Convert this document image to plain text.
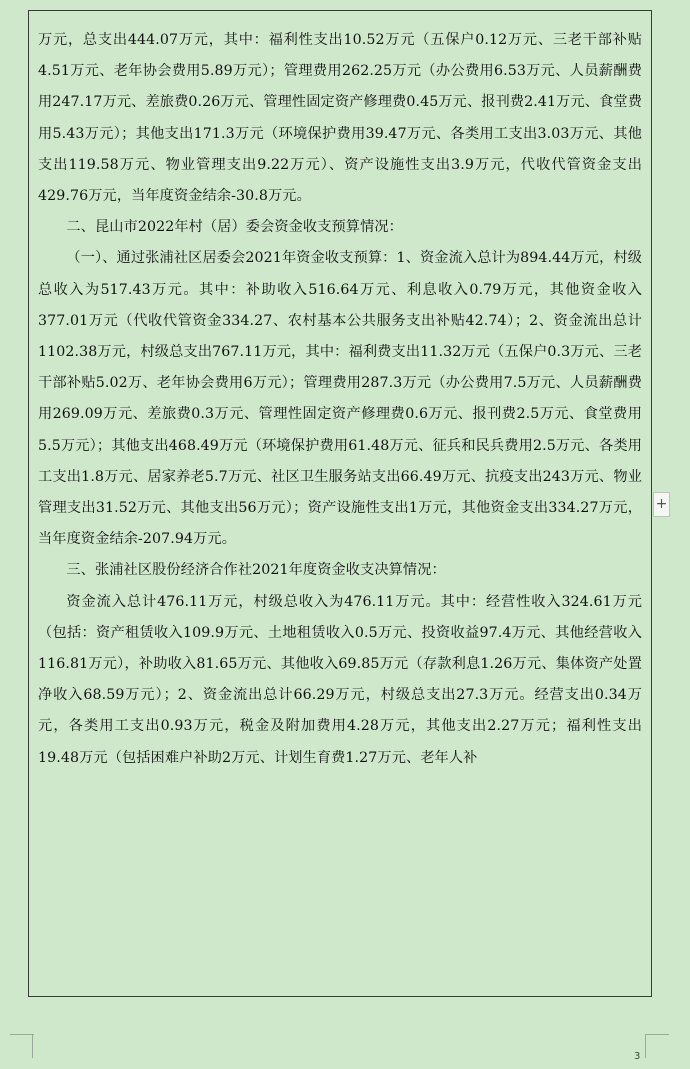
万元，总支出444.07万元，其中：福利性支出10.52万元（五保户0.12万元、三老干部补贴4.51万元、老年协会费用5.89万元）；管理费用262.25万元（办公费用6.53万元、人员薪酬费用247.17万元、差旅费0.26万元、管理性固定资产修理费0.45万元、报刊费2.41万元、食堂费用5.43万元）；其他支出171.3万元（环境保护费用39.47万元、各类用工支出3.03万元、其他支出119.58万元、物业管理支出9.22万元）、资产设施性支出3.9万元，代收代管资金支出429.76万元，当年度资金结余-30.8万元。

二、昆山市2022年村（居）委会资金收支预算情况：

（一）、通过张浦社区居委会2021年资金收支预算：1、资金流入总计为894.44万元，村级总收入为517.43万元。其中：补助收入516.64万元、利息收入0.79万元，其他资金收入377.01万元（代收代管资金334.27、农村基本公共服务支出补贴42.74）；2、资金流出总计1102.38万元，村级总支出767.11万元，其中：福利费支出11.32万元（五保户0.3万元、三老干部补贴5.02万、老年协会费用6万元）；管理费用287.3万元（办公费用7.5万元、人员薪酬费用269.09万元、差旅费0.3万元、管理性固定资产修理费0.6万元、报刊费2.5万元、食堂费用5.5万元）；其他支出468.49万元（环境保护费用61.48万元、征兵和民兵费用2.5万元、各类用工支出1.8万元、居家养老5.7万元、社区卫生服务站支出66.49万元、抗疫支出243万元、物业管理支出31.52万元、其他支出56万元）；资产设施性支出1万元，其他资金支出334.27万元，当年度资金结余-207.94万元。

三、张浦社区股份经济合作社2021年度资金收支决算情况：

资金流入总计476.11万元，村级总收入为476.11万元。其中：经营性收入324.61万元（包括：资产租赁收入109.9万元、土地租赁收入0.5万元、投资收益97.4万元、其他经营收入116.81万元），补助收入81.65万元、其他收入69.85万元（存款利息1.26万元、集体资产处置净收入68.59万元）；2、资金流出总计66.29万元，村级总支出27.3万元。经营支出0.34万元，各类用工支出0.93万元，税金及附加费用4.28万元，其他支出2.27万元；福利性支出19.48万元（包括困难户补助2万元、计划生育费1.27万元、老年人补

+
3
